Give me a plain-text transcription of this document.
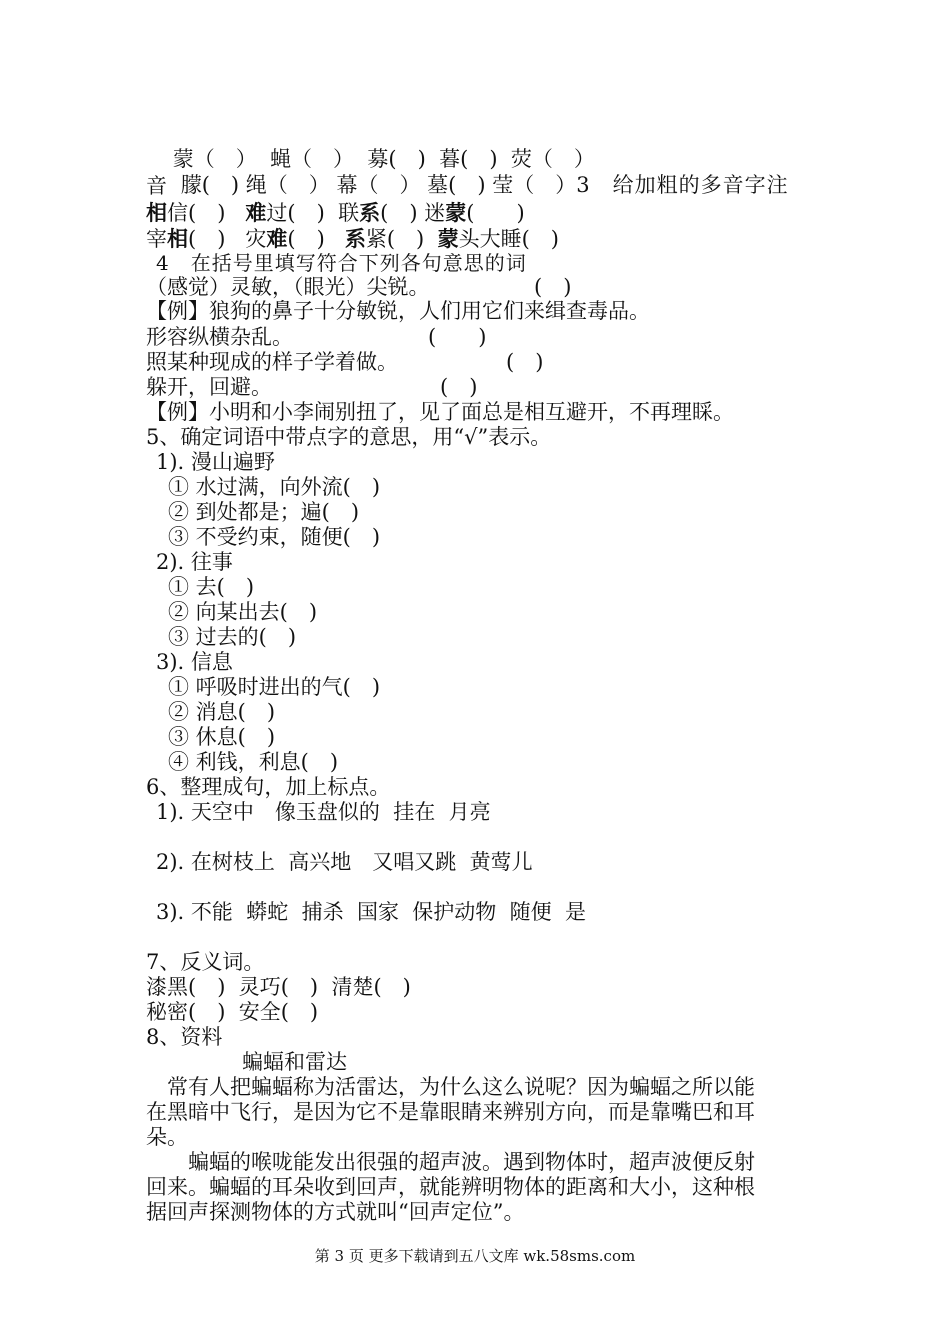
蒙（　） 蝇（　） 募(　) 暮(　) 荧（　）

朦(　) 绳（　） 幕（　） 墓(　) 莹（　）3　给加粗的多音字注

音
相信(　) 难过(　) 联系(　) 迷蒙(　　)
宰相(　) 灾难(　) 系紧(　) 蒙头大睡(　)
4　在括号里填写符合下列各句意思的词
（感觉）灵敏，（眼光）尖锐。	(　)
【例】狼狗的鼻子十分敏锐，人们用它们来缉查毒品。
形容纵横杂乱。	(　　)
照某种现成的样子学着做。	(　)
躲开，回避。	(　)
【例】小明和小李闹别扭了，见了面总是相互避开，不再理睬。
5、确定词语中带点字的意思，用“√”表示。
1). 漫山遍野
① 水过满，向外流(　)
② 到处都是；遍(　)
③ 不受约束，随便(　)
2). 往事
① 去(　)
② 向某出去(　)
③ 过去的(　)
3). 信息
① 呼吸时进出的气(　)
② 消息(　)
③ 休息(　)
④ 利钱，利息(　)
6、整理成句，加上标点。
1). 天空中　像玉盘似的  挂在  月亮
2). 在树枝上  高兴地　又唱又跳  黄莺儿
3). 不能  蟒蛇  捕杀  国家  保护动物  随便  是
7、反义词。
漆黑(　)  灵巧(　)  清楚(　)
秘密(　)  安全(　)
8、资料
蝙蝠和雷达
　常有人把蝙蝠称为活雷达，为什么这么说呢？因为蝙蝠之所以能
在黑暗中飞行，是因为它不是靠眼睛来辨别方向，而是靠嘴巴和耳
朵。
　　蝙蝠的喉咙能发出很强的超声波。遇到物体时，超声波便反射
回来。蝙蝠的耳朵收到回声，就能辨明物体的距离和大小，这种根
据回声探测物体的方式就叫“回声定位”。
第 3 页 更多下载请到五八文库 wk.58sms.com
